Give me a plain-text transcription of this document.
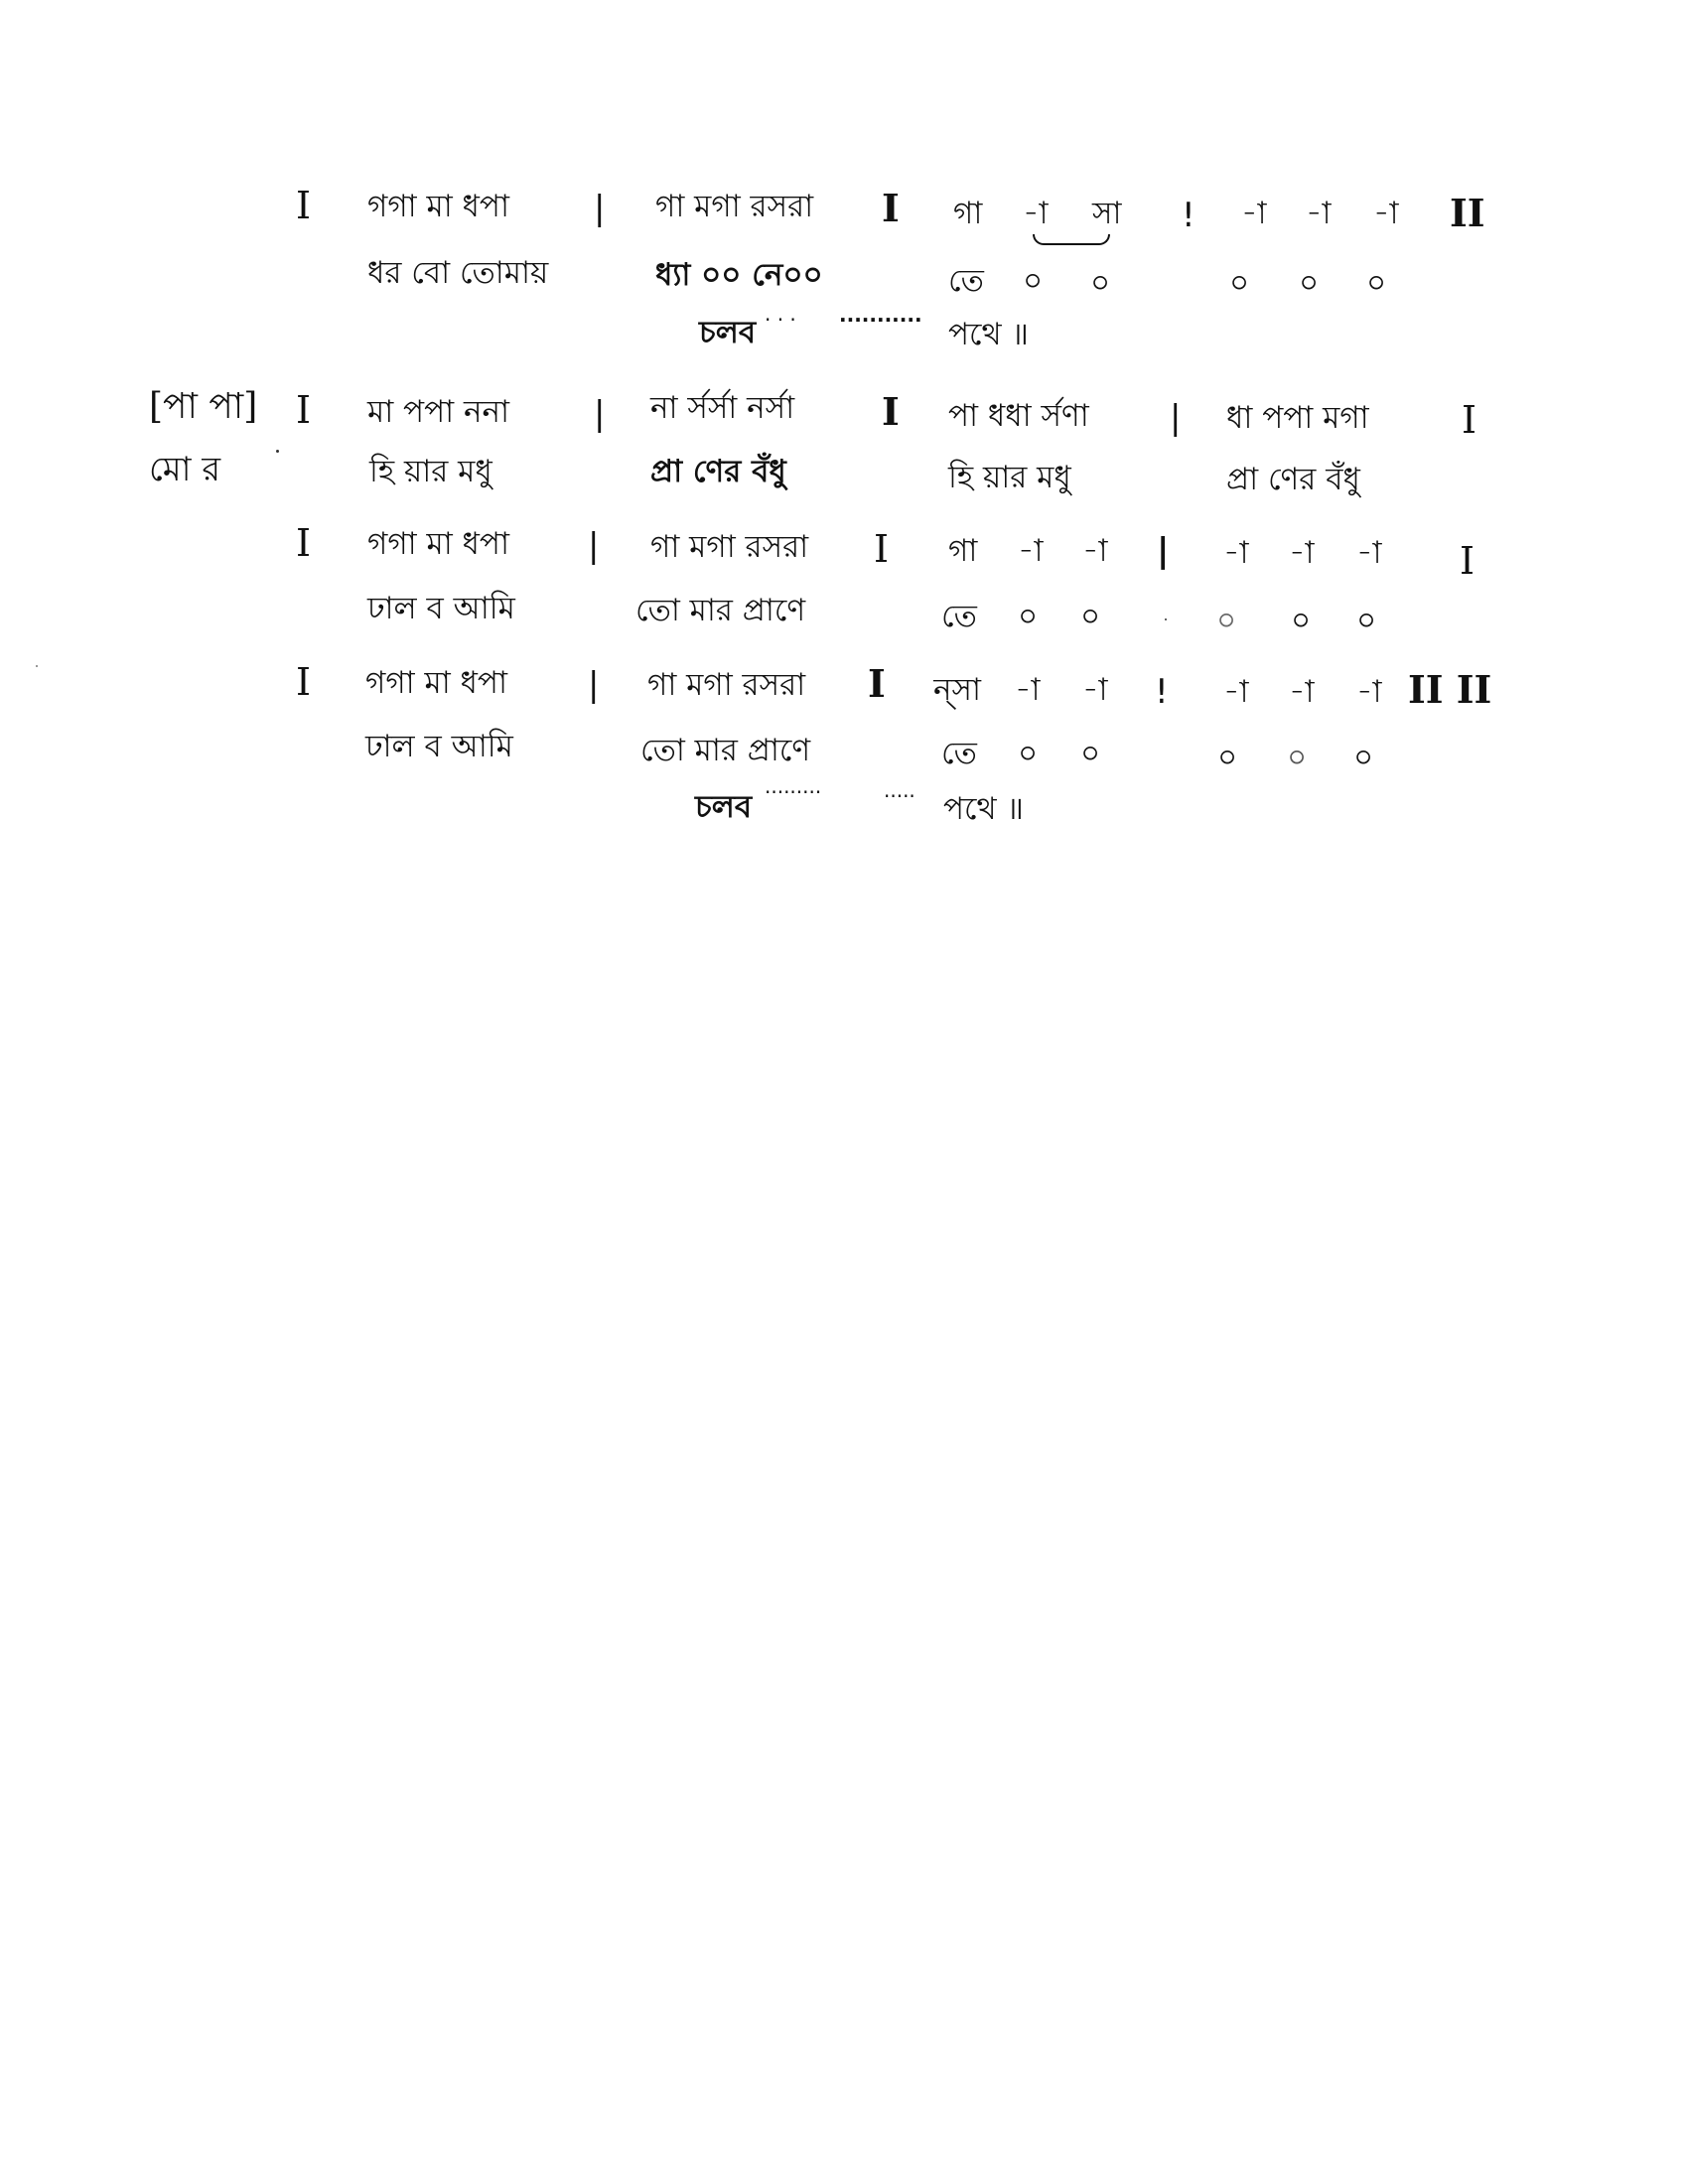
I গগা মা ধপা	| গা মগা রসরা I গা -া সা ! -া -া -া II
ধর বো তোমায়	ধ্যা ০০ নে০০	তে ০ ০	০ ০ ০
চলব · · · ··········· পথে ॥
[পা পা] I মা পপা ননা	| না র্সর্সা নর্সা I পা ধধা র্সণা | ধা পপা মগা I
মো র	হি য়ার মধু	প্রা ণের বঁধু	হি য়ার মধু	প্রা ণের বঁধু
I গগা মা ধপা | গা মগা রসরা I গা -া -া | -া -া -া I
ঢাল ব আমি	তো মার প্রাণে	তে ০ ০	০ ০ ০
I গগা মা ধপা | গা মগা রসরা I ন্‌সা -া -া ! -া -া -া II II
ঢাল ব আমি	তো মার প্রাণে	তে ০ ০	০ ০ ০
চলব ·········	····· পথে ॥
